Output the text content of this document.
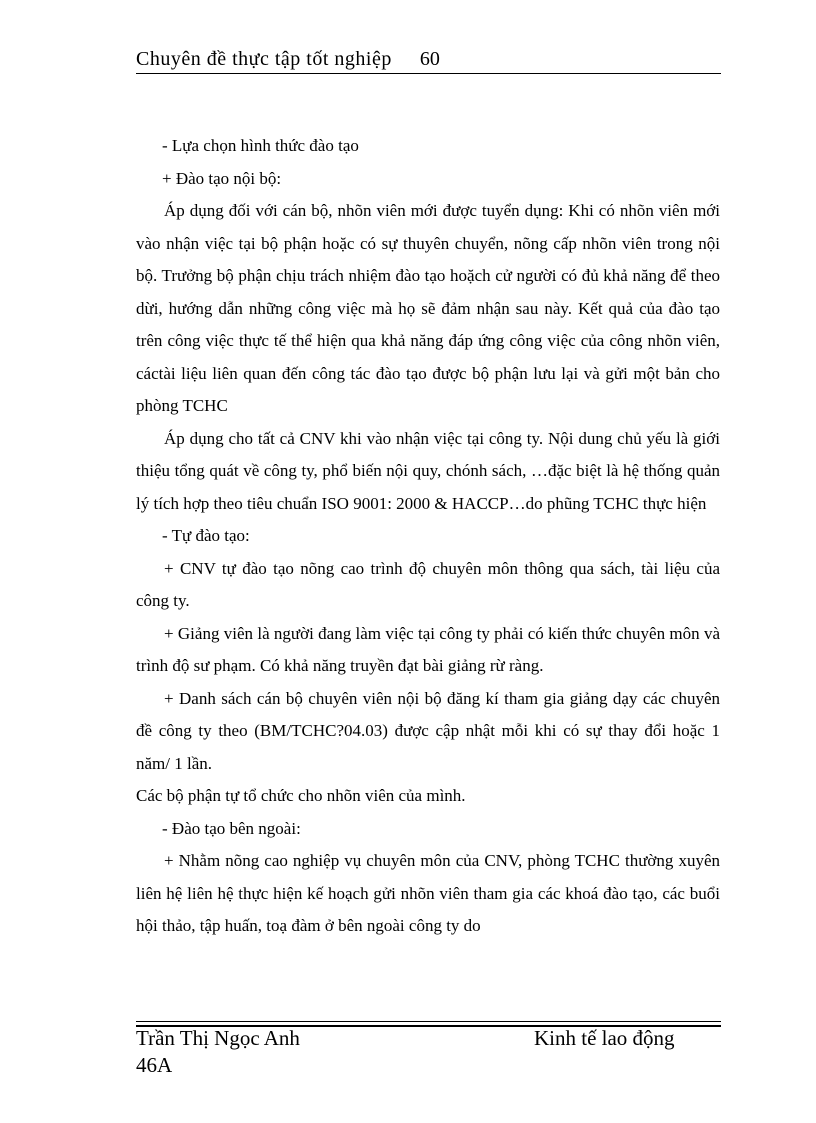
Chuyên đề thực tập tốt nghiệp 60

- Lựa chọn hình thức đào tạo

+ Đào tạo nội bộ:

Áp dụng đối với cán bộ, nhõn viên mới được tuyển dụng: Khi có nhõn viên mới vào nhận việc tại bộ phận hoặc có sự thuyên chuyển, nõng cấp nhõn viên trong nội bộ. Trưởng bộ phận chịu trách nhiệm đào tạo hoặch cử người có đủ khả năng để theo dừi, hướng dẫn những công việc mà họ sẽ đảm nhận sau này. Kết quả của đào tạo trên công việc thực tế thể hiện qua khả năng đáp ứng công việc của công nhõn viên, cáctài liệu liên quan đến công tác đào tạo được bộ phận lưu lại và gửi một bản cho phòng TCHC

Áp dụng cho tất cả CNV khi vào nhận việc tại công ty. Nội dung chủ yếu là giới thiệu tổng quát về công ty, phổ biến nội quy, chónh sách, …đặc biệt là hệ thống quản lý tích hợp theo tiêu chuẩn ISO 9001: 2000 & HACCP…do phũng TCHC thực hiện

- Tự đào tạo:

+ CNV tự đào tạo nõng cao trình độ chuyên môn thông qua sách, tài liệu của công ty.

+ Giảng viên là người đang làm việc tại công ty phải có kiến thức chuyên môn và trình độ sư phạm. Có khả năng truyền đạt bài giảng rừ ràng.

+ Danh sách cán bộ chuyên viên nội bộ đăng kí tham gia giảng dạy các chuyên đề công ty theo (BM/TCHC?04.03) được cập nhật mỗi khi có sự thay đổi hoặc 1 năm/ 1 lần.

Các bộ phận tự tổ chức cho nhõn viên của mình.

- Đào tạo bên ngoài:

+ Nhằm nõng cao nghiệp vụ chuyên môn của CNV, phòng TCHC thường xuyên liên hệ liên hệ thực hiện kế hoạch gửi nhõn viên tham gia các khoá đào tạo, các buổi hội thảo, tập huấn, toạ đàm ở bên ngoài công ty do

Trần Thị Ngọc Anh	Kinh tế lao động
46A
